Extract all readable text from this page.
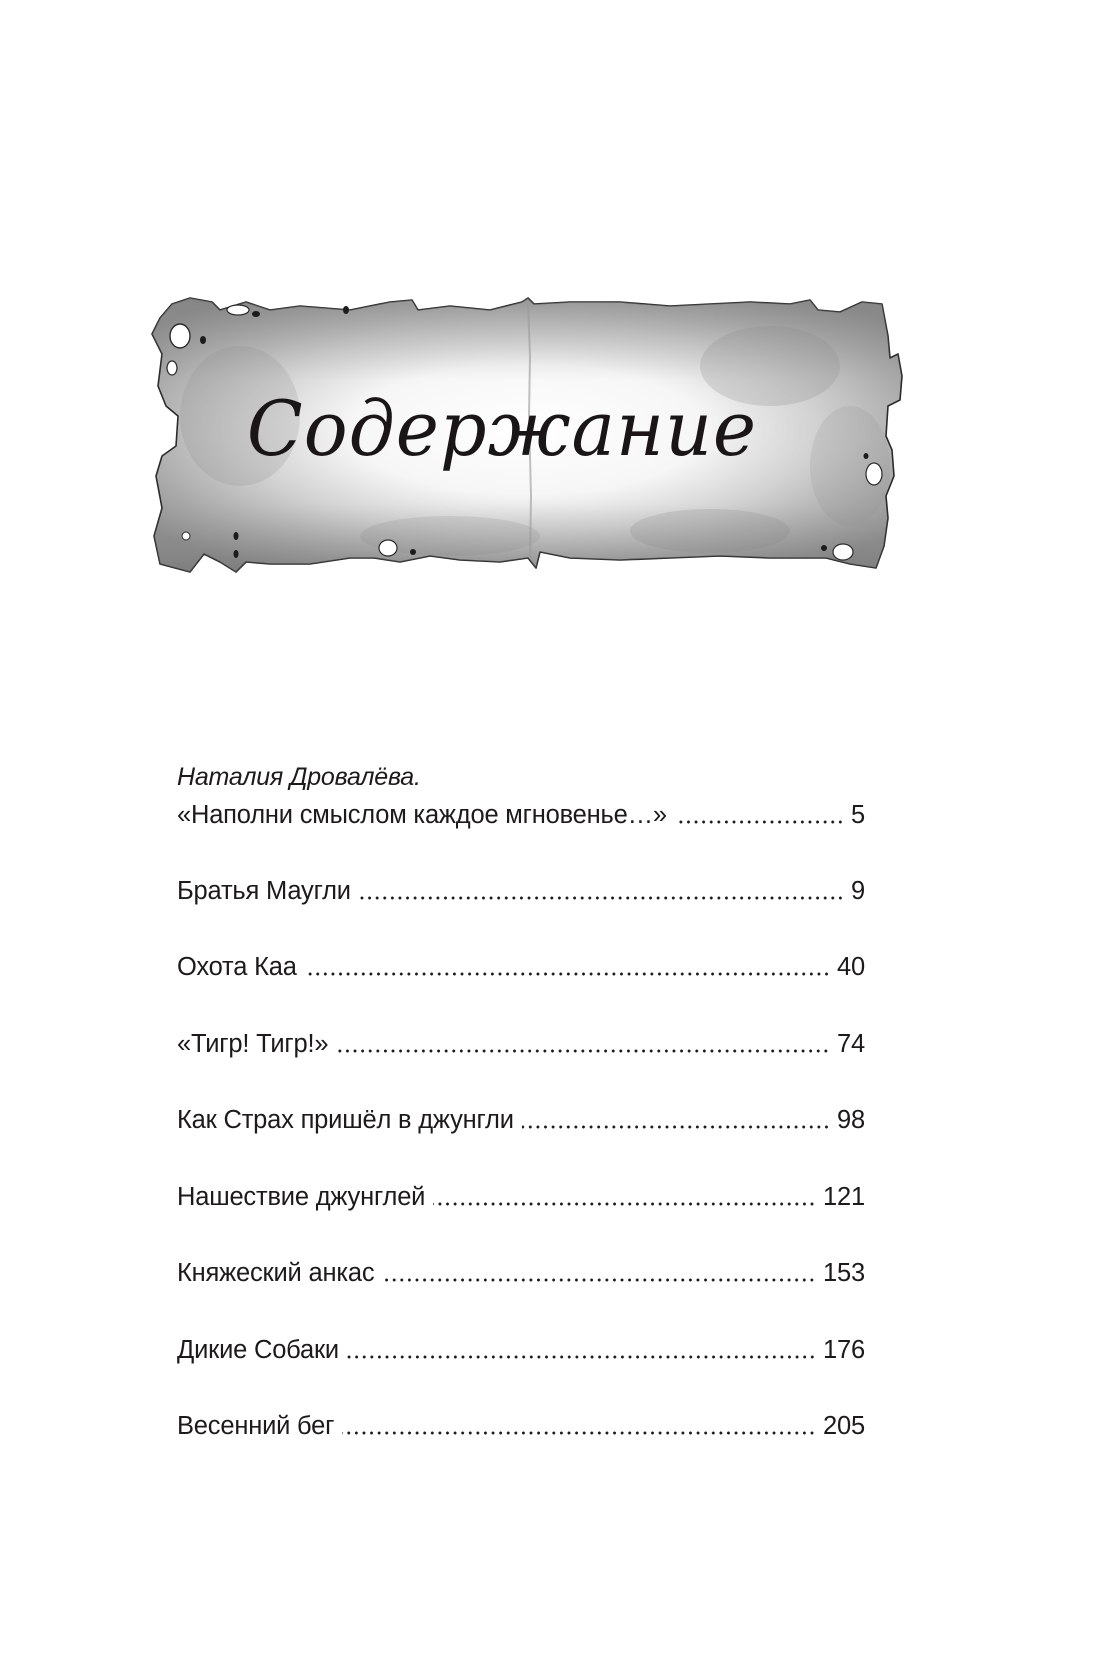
Содержание
Наталия Дровалёва.
«Наполни смыслом каждое мгновенье…»	5
Братья Маугли	9
Охота Каа	40
«Тигр! Тигр!»	74
Как Страх пришёл в джунгли	98
Нашествие джунглей	121
Княжеский анкас	153
Дикие Собаки	176
Весенний бег	205
